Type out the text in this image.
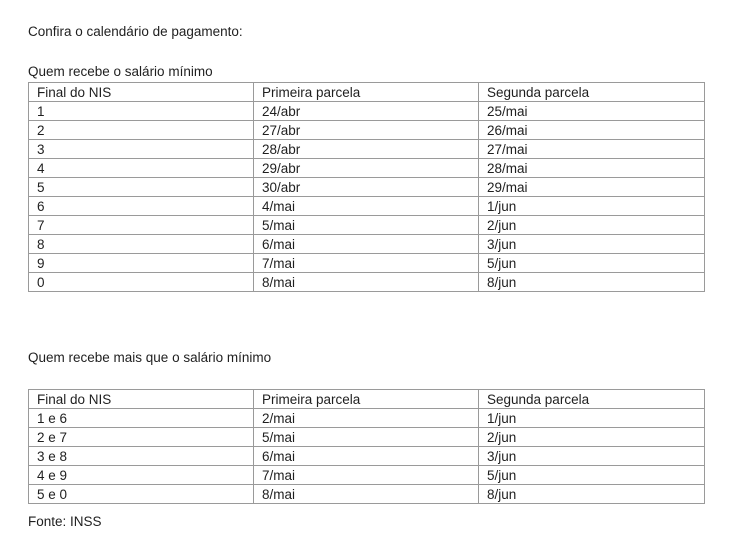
Confira o calendário de pagamento:
Quem recebe o salário mínimo
Final do NIS	Primeira parcela	Segunda parcela
1	24/abr	25/mai
2	27/abr	26/mai
3	28/abr	27/mai
4	29/abr	28/mai
5	30/abr	29/mai
6	4/mai	1/jun
7	5/mai	2/jun
8	6/mai	3/jun
9	7/mai	5/jun
0	8/mai	8/jun
Quem recebe mais que o salário mínimo
Final do NIS	Primeira parcela	Segunda parcela
1 e 6	2/mai	1/jun
2 e 7	5/mai	2/jun
3 e 8	6/mai	3/jun
4 e 9	7/mai	5/jun
5 e 0	8/mai	8/jun
Fonte: INSS
